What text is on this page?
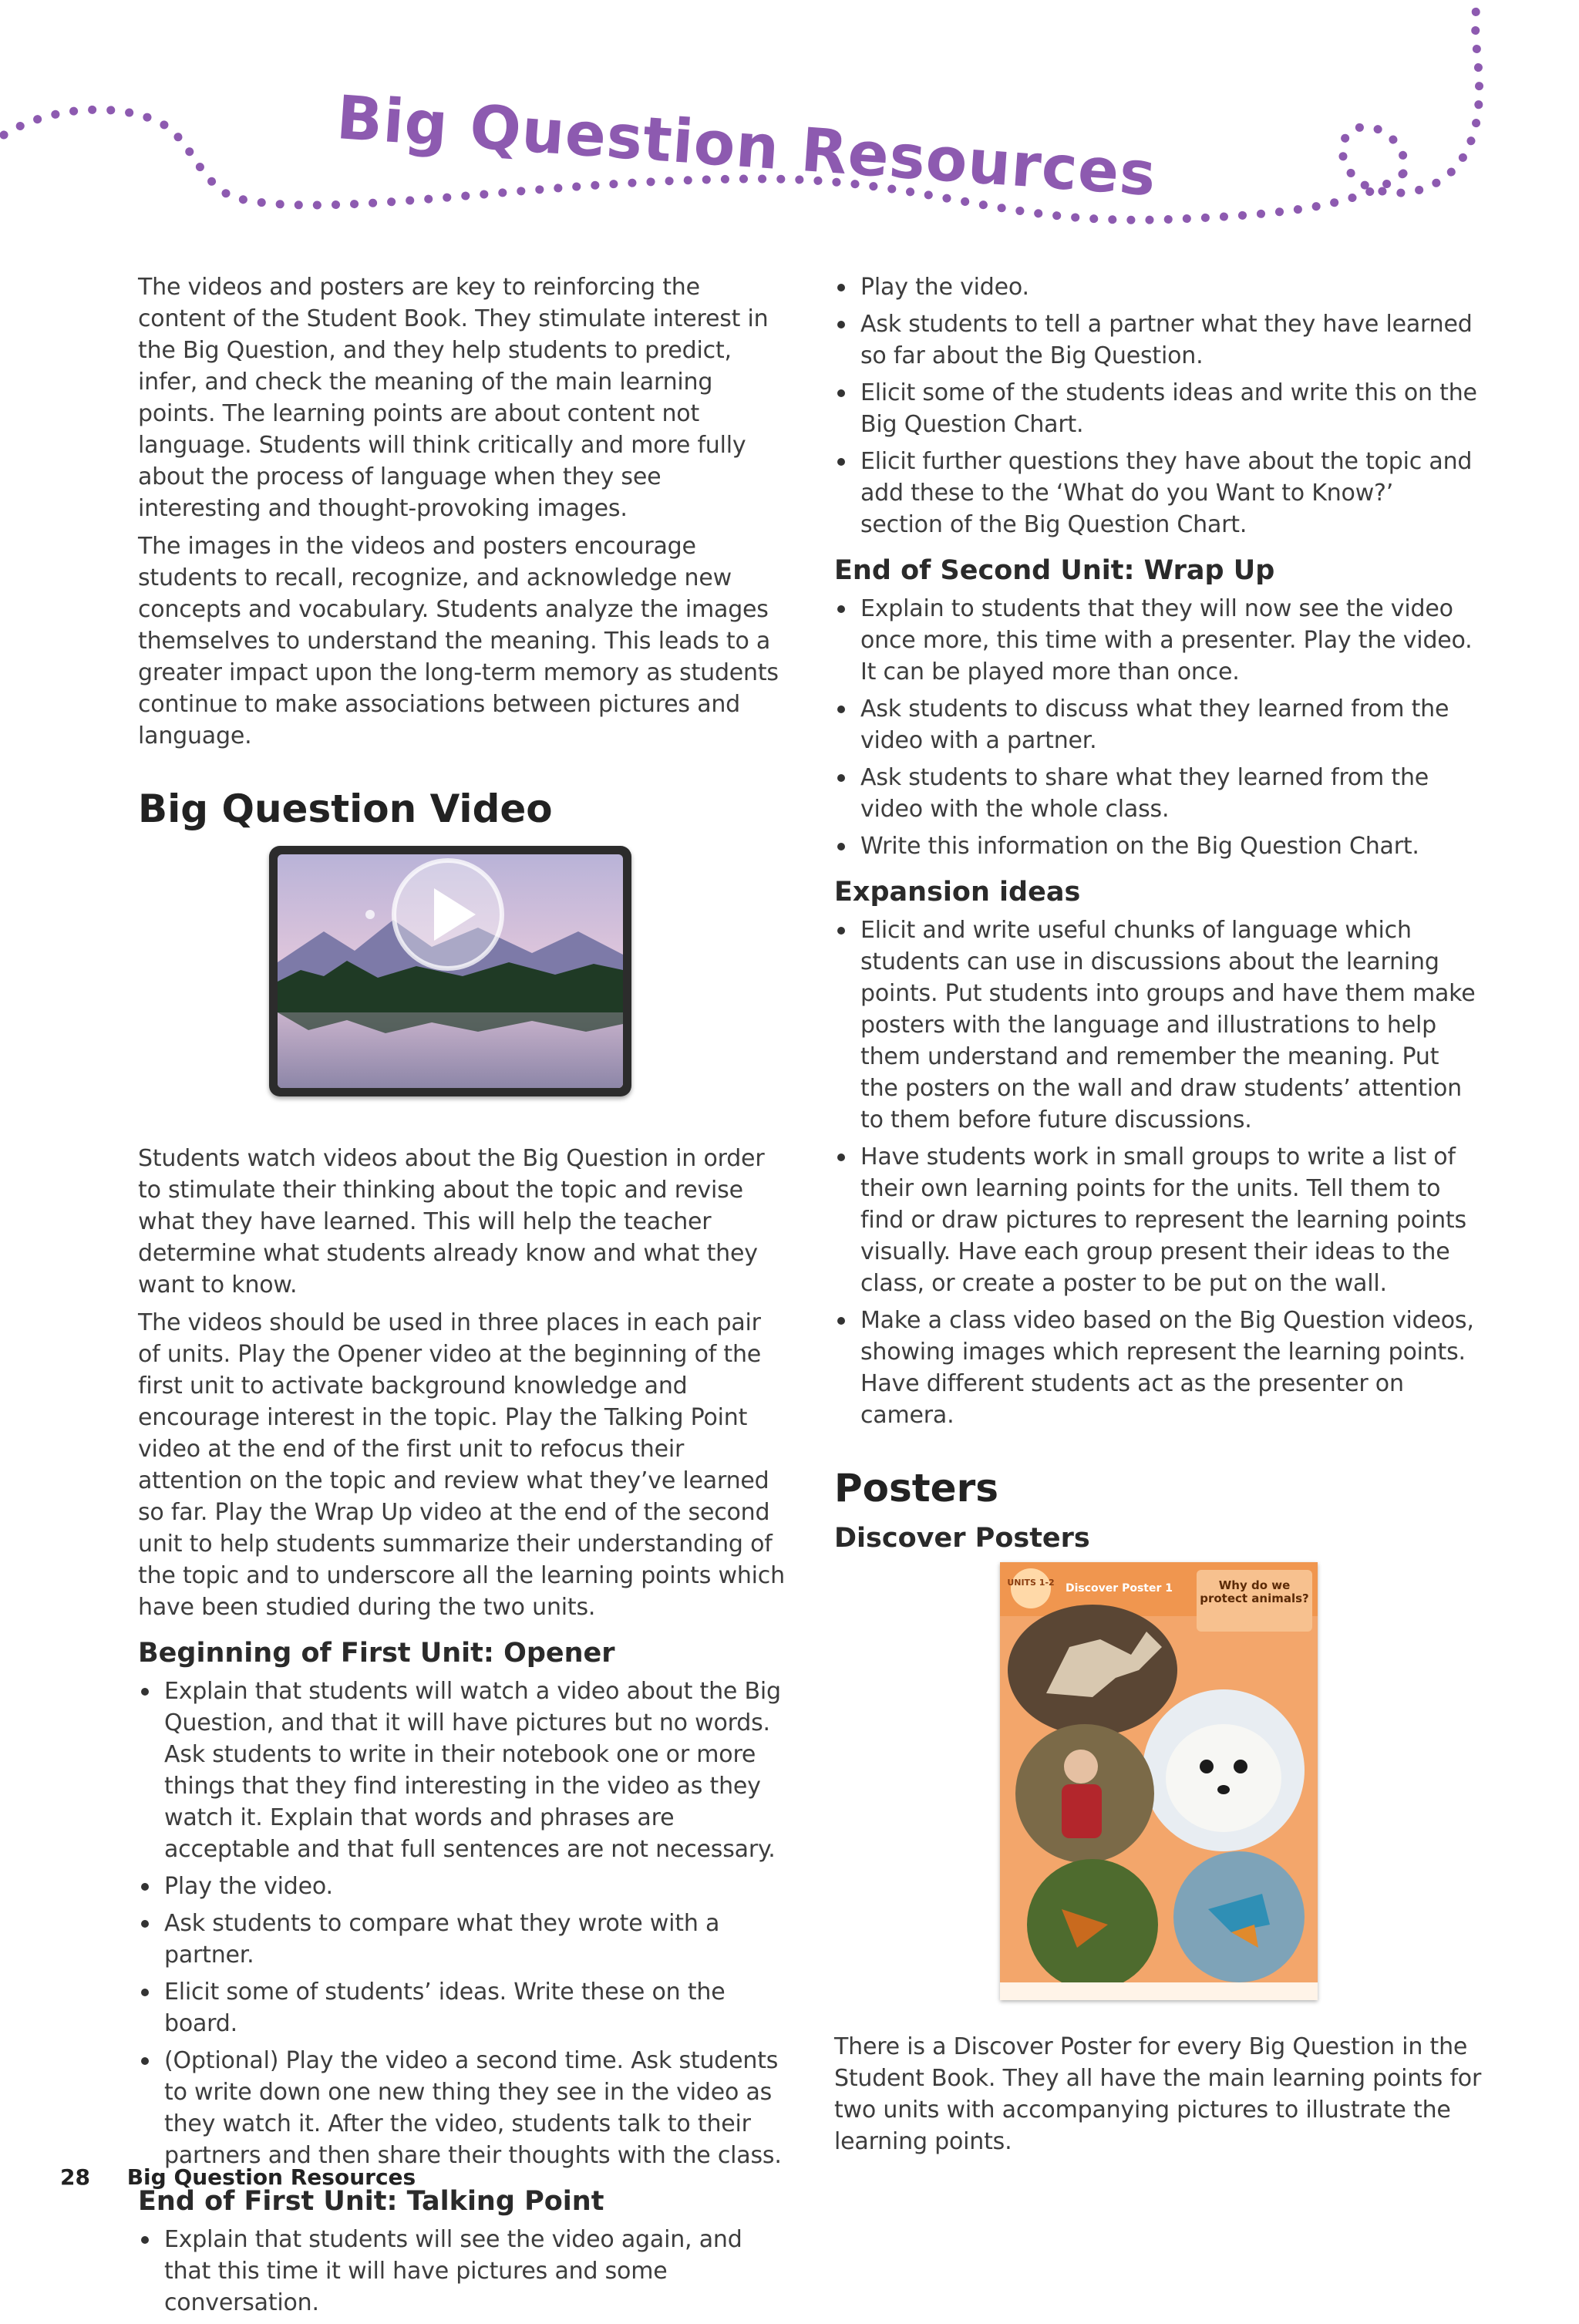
Big Question Resources

The videos and posters are key to reinforcing the content of the Student Book. They stimulate interest in the Big Question, and they help students to predict, infer, and check the meaning of the main learning points. The learning points are about content not language. Students will think critically and more fully about the process of language when they see interesting and thought-provoking images.

The images in the videos and posters encourage students to recall, recognize, and acknowledge new concepts and vocabulary. Students analyze the images themselves to understand the meaning. This leads to a greater impact upon the long-term memory as students continue to make associations between pictures and language.

Big Question Video

Students watch videos about the Big Question in order to stimulate their thinking about the topic and revise what they have learned. This will help the teacher determine what students already know and what they want to know.

The videos should be used in three places in each pair of units. Play the Opener video at the beginning of the first unit to activate background knowledge and encourage interest in the topic. Play the Talking Point video at the end of the first unit to refocus their attention on the topic and review what they’ve learned so far. Play the Wrap Up video at the end of the second unit to help students summarize their understanding of the topic and to underscore all the learning points which have been studied during the two units.

Beginning of First Unit: Opener
Explain that students will watch a video about the Big Question, and that it will have pictures but no words. Ask students to write in their notebook one or more things that they find interesting in the video as they watch it. Explain that words and phrases are acceptable and that full sentences are not necessary.
Play the video.
Ask students to compare what they wrote with a partner.
Elicit some of students’ ideas. Write these on the board.
(Optional) Play the video a second time. Ask students to write down one new thing they see in the video as they watch it. After the video, students talk to their partners and then share their thoughts with the class.
End of First Unit: Talking Point
Explain that students will see the video again, and that this time it will have pictures and some conversation.
Play the video.
Ask students to tell a partner what they have learned so far about the Big Question.
Elicit some of the students ideas and write this on the Big Question Chart.
Elicit further questions they have about the topic and add these to the ‘What do you Want to Know?’ section of the Big Question Chart.
End of Second Unit: Wrap Up
Explain to students that they will now see the video once more, this time with a presenter. Play the video. It can be played more than once.
Ask students to discuss what they learned from the video with a partner.
Ask students to share what they learned from the video with the whole class.
Write this information on the Big Question Chart.
Expansion ideas
Elicit and write useful chunks of language which students can use in discussions about the learning points. Put students into groups and have them make posters with the language and illustrations to help them understand and remember the meaning. Put the posters on the wall and draw students’ attention to them before future discussions.
Have students work in small groups to write a list of their own learning points for the units. Tell them to find or draw pictures to represent the learning points visually. Have each group present their ideas to the class, or create a poster to be put on the wall.
Make a class video based on the Big Question videos, showing images which represent the learning points. Have different students act as the presenter on camera.
Posters
Discover Posters
UNITS 1-2 Discover Poster 1	Why do we protect animals?

There is a Discover Poster for every Big Question in the Student Book. They all have the main learning points for two units with accompanying pictures to illustrate the learning points.

28 Big Question Resources
